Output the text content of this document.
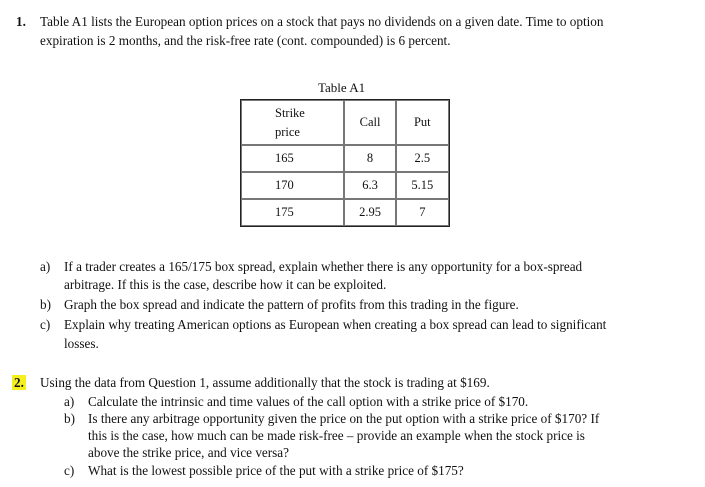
1. Table A1 lists the European option prices on a stock that pays no dividends on a given date. Time to option
expiration is 2 months, and the risk-free rate (cont. compounded) is 6 percent.
Table A1
Strike
price	Call	Put
165	8	2.5
170	6.3	5.15
175	2.95	7
a) If a trader creates a 165/175 box spread, explain whether there is any opportunity for a box-spread
arbitrage. If this is the case, describe how it can be exploited.
b) Graph the box spread and indicate the pattern of profits from this trading in the figure.
c) Explain why treating American options as European when creating a box spread can lead to significant
losses.
2. Using the data from Question 1, assume additionally that the stock is trading at $169.
a) Calculate the intrinsic and time values of the call option with a strike price of $170.
b) Is there any arbitrage opportunity given the price on the put option with a strike price of $170? If
this is the case, how much can be made risk-free – provide an example when the stock price is
above the strike price, and vice versa?
c) What is the lowest possible price of the put with a strike price of $175?
